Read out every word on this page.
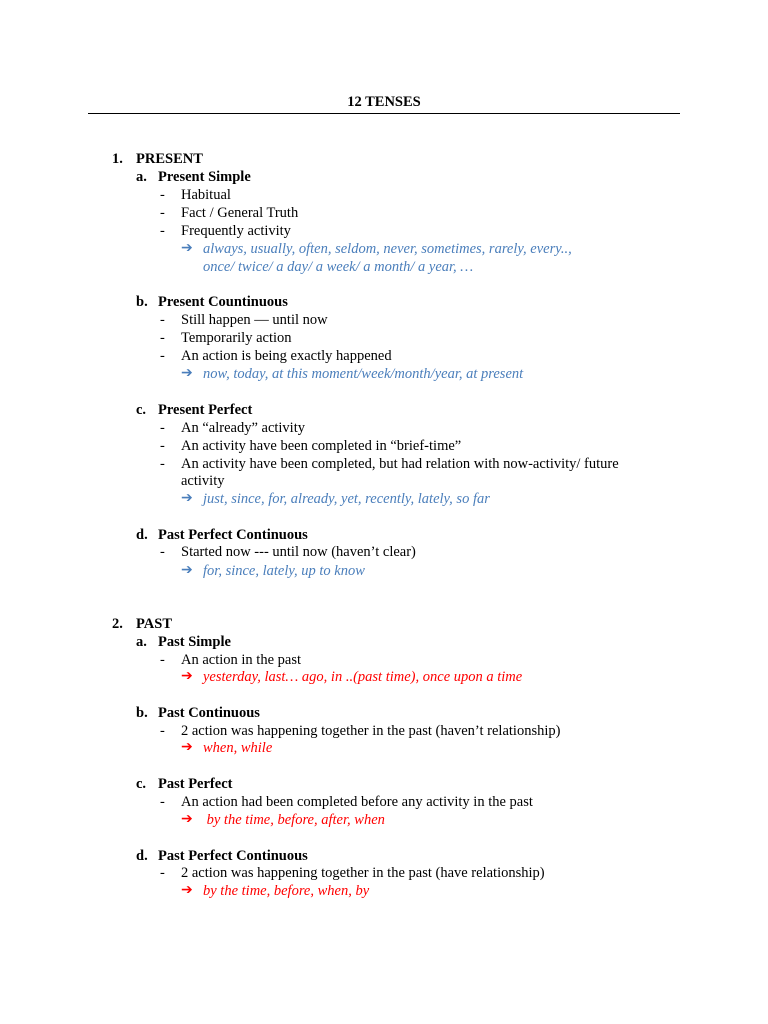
12 TENSES
1. PRESENT
a. Present Simple
- Habitual
- Fact / General Truth
- Frequently activity
➔ always, usually, often, seldom, never, sometimes, rarely, every..,
once/ twice/ a day/ a week/ a month/ a year, …
b. Present Countinuous
- Still happen — until now
- Temporarily action
- An action is being exactly happened
➔ now, today, at this moment/week/month/year, at present
c. Present Perfect
- An “already” activity
- An activity have been completed in “brief-time”
- An activity have been completed, but had relation with now-activity/ future
activity
➔ just, since, for, already, yet, recently, lately, so far
d. Past Perfect Continuous
- Started now --- until now (haven’t clear)
➔ for, since, lately, up to know
2. PAST
a. Past Simple
- An action in the past
➔ yesterday, last… ago, in ..(past time), once upon a time
b. Past Continuous
- 2 action was happening together in the past (haven’t relationship)
➔ when, while
c. Past Perfect
- An action had been completed before any activity in the past
➔ by the time, before, after, when
d. Past Perfect Continuous
- 2 action was happening together in the past (have relationship)
➔ by the time, before, when, by
